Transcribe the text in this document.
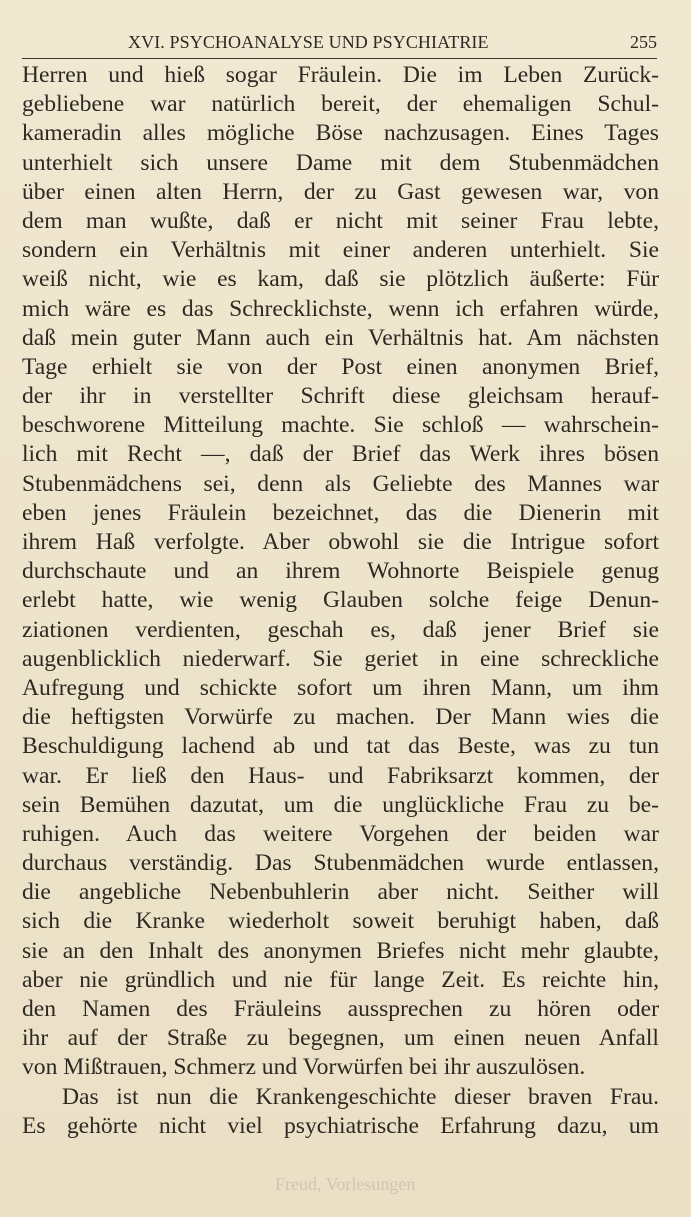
XVI. PSYCHOANALYSE UND PSYCHIATRIE	255
Herren und hieß sogar Fräulein. Die im Leben Zurück-
gebliebene war natürlich bereit, der ehemaligen Schul-
kameradin alles mögliche Böse nachzusagen. Eines Tages
unterhielt sich unsere Dame mit dem Stubenmädchen
über einen alten Herrn, der zu Gast gewesen war, von
dem man wußte, daß er nicht mit seiner Frau lebte,
sondern ein Verhältnis mit einer anderen unterhielt. Sie
weiß nicht, wie es kam, daß sie plötzlich äußerte: Für
mich wäre es das Schrecklichste, wenn ich erfahren würde,
daß mein guter Mann auch ein Verhältnis hat. Am nächsten
Tage erhielt sie von der Post einen anonymen Brief,
der ihr in verstellter Schrift diese gleichsam herauf-
beschworene Mitteilung machte. Sie schloß — wahrschein-
lich mit Recht —, daß der Brief das Werk ihres bösen
Stubenmädchens sei, denn als Geliebte des Mannes war
eben jenes Fräulein bezeichnet, das die Dienerin mit
ihrem Haß verfolgte. Aber obwohl sie die Intrigue sofort
durchschaute und an ihrem Wohnorte Beispiele genug
erlebt hatte, wie wenig Glauben solche feige Denun-
ziationen verdienten, geschah es, daß jener Brief sie
augenblicklich niederwarf. Sie geriet in eine schreckliche
Aufregung und schickte sofort um ihren Mann, um ihm
die heftigsten Vorwürfe zu machen. Der Mann wies die
Beschuldigung lachend ab und tat das Beste, was zu tun
war. Er ließ den Haus- und Fabriksarzt kommen, der
sein Bemühen dazutat, um die unglückliche Frau zu be-
ruhigen. Auch das weitere Vorgehen der beiden war
durchaus verständig. Das Stubenmädchen wurde entlassen,
die angebliche Nebenbuhlerin aber nicht. Seither will
sich die Kranke wiederholt soweit beruhigt haben, daß
sie an den Inhalt des anonymen Briefes nicht mehr glaubte,
aber nie gründlich und nie für lange Zeit. Es reichte hin,
den Namen des Fräuleins aussprechen zu hören oder
ihr auf der Straße zu begegnen, um einen neuen Anfall
von Mißtrauen, Schmerz und Vorwürfen bei ihr auszulösen.
Das ist nun die Krankengeschichte dieser braven Frau.
Es gehörte nicht viel psychiatrische Erfahrung dazu, um
Freud, Vorlesungen
